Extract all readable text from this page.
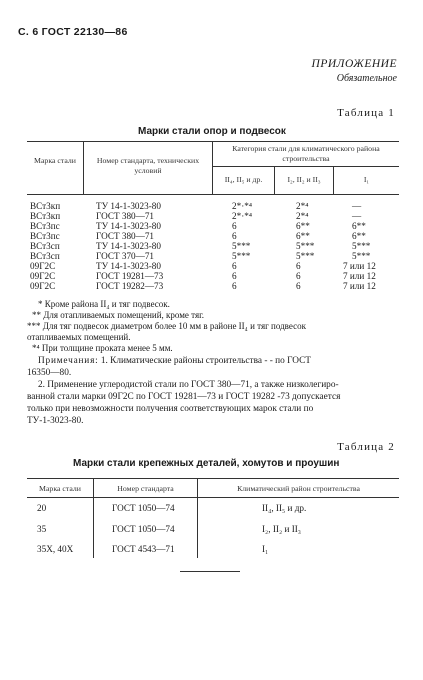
С. 6 ГОСТ 22130—86
ПРИЛОЖЕНИЕ
Обязательное
Таблица 1
Марки стали опор и подвесок
Марка стали	Номер стандарта, технических условий
Категория стали для климатического района строительства
II₄, II₅ и др.	I₂, II₂ и II₃	I₁
ВСт3кп	ТУ 14-1-3023-80	2*·*⁴	2*⁴	—
ВСт3кп	ГОСТ 380—71	2*·*⁴	2*⁴	—
ВСт3пс	ТУ 14-1-3023-80	6	6**	6**
ВСт3пс	ГОСТ 380—71	6	6**	6**
ВСт3сп	ТУ 14-1-3023-80	5***	5***	5***
ВСт3сп	ГОСТ 370—71	5***	5***	5***
09Г2С	ТУ 14-1-3023-80	6	6	7 или 12
09Г2С	ГОСТ 19281—73	6	6	7 или 12
09Г2С	ГОСТ 19282—73	6	6	7 или 12
* Кроме района II₄ и тяг подвесок.
** Для отапливаемых помещений, кроме тяг.
*** Для тяг подвесок диаметром более 10 мм в районе II₄ и тяг подвесок
отапливаемых помещений.
*⁴ При толщине проката менее 5 мм.
Примечания: 1. Климатические районы строительства - - по ГОСТ
16350—80.
2. Применение углеродистой стали по ГОСТ 380—71, а также низколегиро-
ванной стали марки 09Г2С по ГОСТ 19281—73 и ГОСТ 19282 -73 допускается
только при невозможности получения соответствующих марок стали по
ТУ-1-3023-80.
Таблица 2
Марки стали крепежных деталей, хомутов и проушин
Марка стали	Номер стандарта	Климатический район строительства
20	ГОСТ 1050—74	II₄, II₅ и др.
35	ГОСТ 1050—74	I₂, II₂ и II₃
35Х, 40Х	ГОСТ 4543—71	I₁
